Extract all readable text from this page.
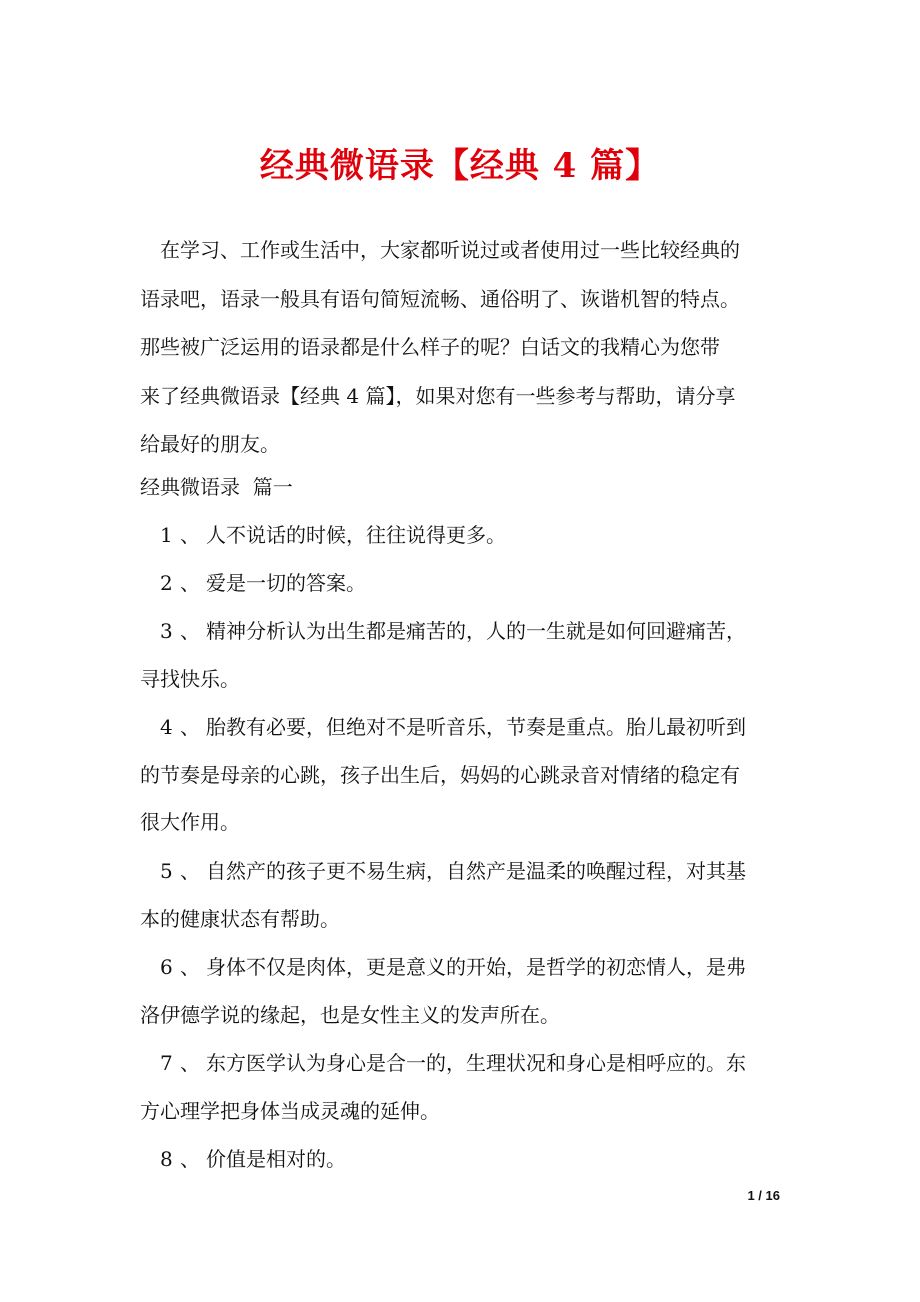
经典微语录【经典 4 篇】
在学习、工作或生活中，大家都听说过或者使用过一些比较经典的
语录吧，语录一般具有语句简短流畅、通俗明了、诙谐机智的特点。
那些被广泛运用的语录都是什么样子的呢？白话文的我精心为您带
来了经典微语录【经典 4 篇】，如果对您有一些参考与帮助，请分享
给最好的朋友。
经典微语录  篇一
1 、 人不说话的时候，往往说得更多。
2 、 爱是一切的答案。
3 、 精神分析认为出生都是痛苦的，人的一生就是如何回避痛苦，
寻找快乐。
4 、 胎教有必要，但绝对不是听音乐，节奏是重点。胎儿最初听到
的节奏是母亲的心跳，孩子出生后，妈妈的心跳录音对情绪的稳定有
很大作用。
5 、 自然产的孩子更不易生病，自然产是温柔的唤醒过程，对其基
本的健康状态有帮助。
6 、 身体不仅是肉体，更是意义的开始，是哲学的初恋情人，是弗
洛伊德学说的缘起，也是女性主义的发声所在。
7 、 东方医学认为身心是合一的，生理状况和身心是相呼应的。东
方心理学把身体当成灵魂的延伸。
8 、 价值是相对的。
1 / 16
